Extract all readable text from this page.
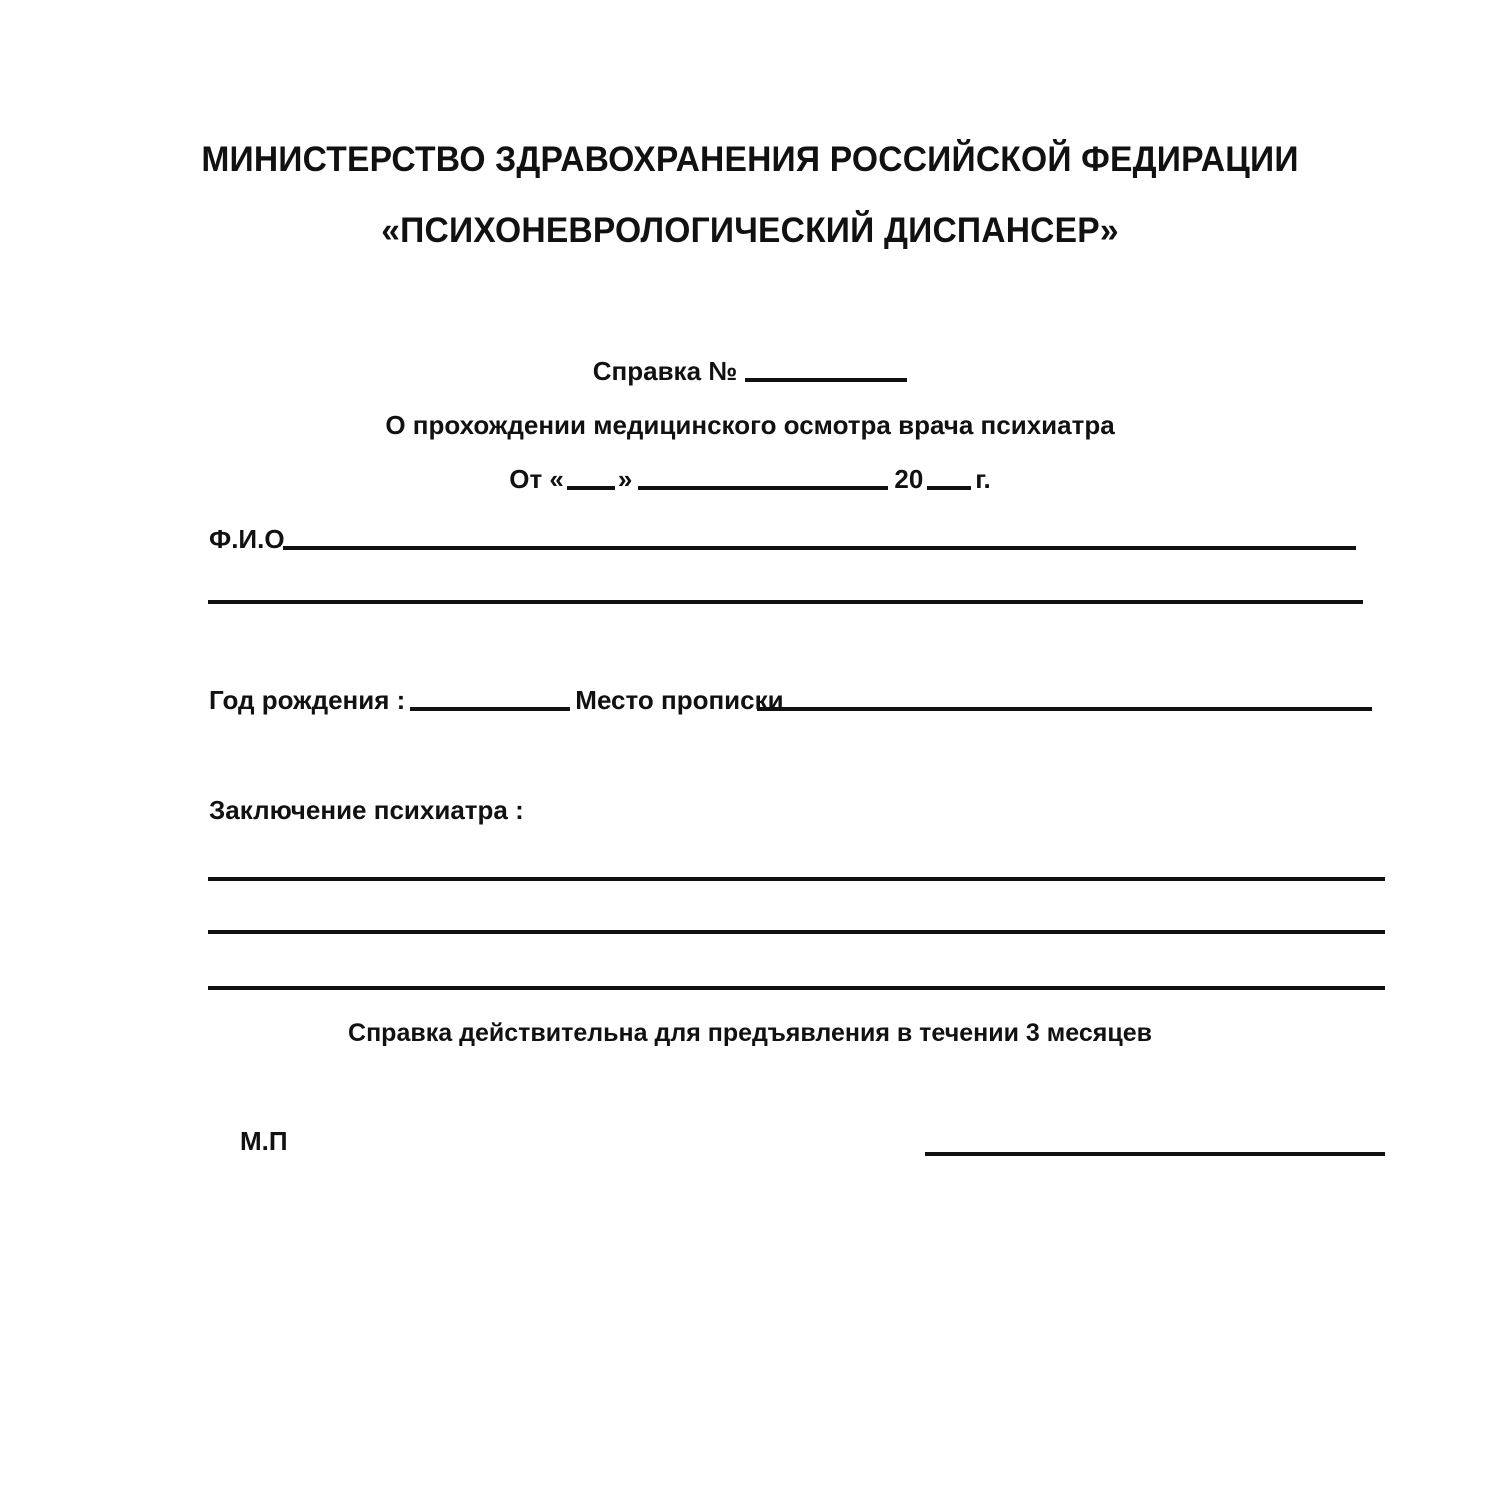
МИНИСТЕРСТВО ЗДРАВОХРАНЕНИЯ РОССИЙСКОЙ ФЕДИРАЦИИ
«ПСИХОНЕВРОЛОГИЧЕСКИЙ ДИСПАНСЕР»
Справка №
О прохождении медицинского осмотра врача психиатра
От « »	20 г.
Ф.И.О
Год рождения :	Место прописки
Заключение психиатра :
Справка действительна для предъявления в течении 3 месяцев
М.П
